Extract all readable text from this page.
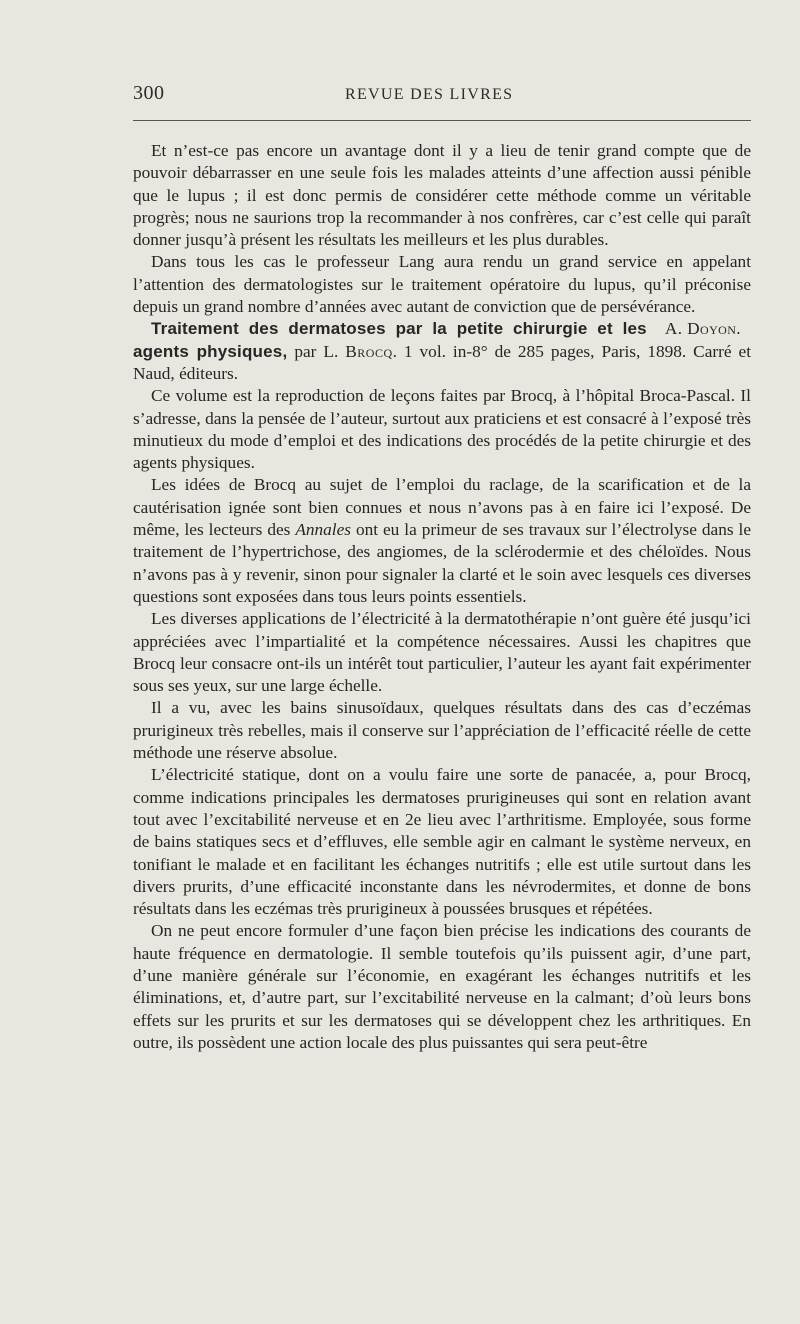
300	REVUE DES LIVRES

Et n’est-ce pas encore un avantage dont il y a lieu de tenir grand compte que de pouvoir débarrasser en une seule fois les malades atteints d’une affection aussi pénible que le lupus ; il est donc permis de considérer cette méthode comme un véritable progrès; nous ne saurions trop la recommander à nos confrères, car c’est celle qui paraît donner jusqu’à présent les résultats les meilleurs et les plus durables.

Dans tous les cas le professeur Lang aura rendu un grand service en appelant l’attention des dermatologistes sur le traitement opératoire du lupus, qu’il préconise depuis un grand nombre d’années avec autant de conviction que de persévérance.
A. Doyon.

Traitement des dermatoses par la petite chirurgie et les agents physiques, par L. Brocq. 1 vol. in-8° de 285 pages, Paris, 1898. Carré et Naud, éditeurs.

Ce volume est la reproduction de leçons faites par Brocq, à l’hôpital Broca-Pascal. Il s’adresse, dans la pensée de l’auteur, surtout aux praticiens et est consacré à l’exposé très minutieux du mode d’emploi et des indications des procédés de la petite chirurgie et des agents physiques.

Les idées de Brocq au sujet de l’emploi du raclage, de la scarification et de la cautérisation ignée sont bien connues et nous n’avons pas à en faire ici l’exposé. De même, les lecteurs des Annales ont eu la primeur de ses travaux sur l’électrolyse dans le traitement de l’hypertrichose, des angiomes, de la sclérodermie et des chéloïdes. Nous n’avons pas à y revenir, sinon pour signaler la clarté et le soin avec lesquels ces diverses questions sont exposées dans tous leurs points essentiels.

Les diverses applications de l’électricité à la dermatothérapie n’ont guère été jusqu’ici appréciées avec l’impartialité et la compétence nécessaires. Aussi les chapitres que Brocq leur consacre ont-ils un intérêt tout particulier, l’auteur les ayant fait expérimenter sous ses yeux, sur une large échelle.

Il a vu, avec les bains sinusoïdaux, quelques résultats dans des cas d’eczémas prurigineux très rebelles, mais il conserve sur l’appréciation de l’efficacité réelle de cette méthode une réserve absolue.

L’électricité statique, dont on a voulu faire une sorte de panacée, a, pour Brocq, comme indications principales les dermatoses prurigineuses qui sont en relation avant tout avec l’excitabilité nerveuse et en 2e lieu avec l’arthritisme. Employée, sous forme de bains statiques secs et d’effluves, elle semble agir en calmant le système nerveux, en tonifiant le malade et en facilitant les échanges nutritifs ; elle est utile surtout dans les divers prurits, d’une efficacité inconstante dans les névrodermites, et donne de bons résultats dans les eczémas très prurigineux à poussées brusques et répétées.

On ne peut encore formuler d’une façon bien précise les indications des courants de haute fréquence en dermatologie. Il semble toutefois qu’ils puissent agir, d’une part, d’une manière générale sur l’économie, en exagérant les échanges nutritifs et les éliminations, et, d’autre part, sur l’excitabilité nerveuse en la calmant; d’où leurs bons effets sur les prurits et sur les dermatoses qui se développent chez les arthritiques. En outre, ils possèdent une action locale des plus puissantes qui sera peut-être
